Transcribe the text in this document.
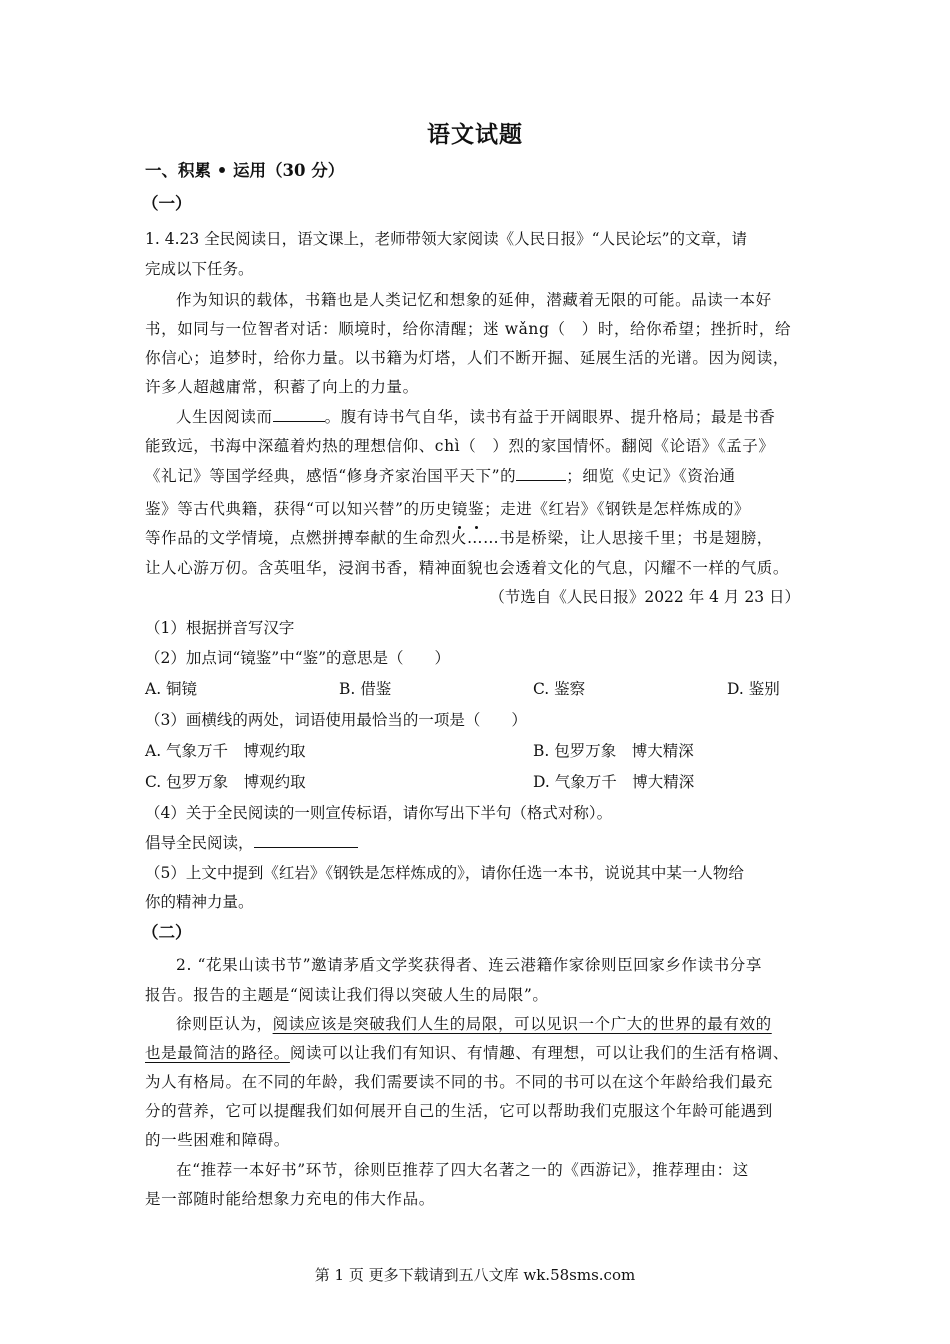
语文试题
一、积累 • 运用（30 分）
（一）
1. 4.23 全民阅读日，语文课上，老师带领大家阅读《人民日报》“人民论坛”的文章，请
完成以下任务。
作为知识的载体，书籍也是人类记忆和想象的延伸，潜藏着无限的可能。品读一本好
书，如同与一位智者对话：顺境时，给你清醒；迷 wǎng（　）时，给你希望；挫折时，给
你信心；追梦时，给你力量。以书籍为灯塔，人们不断开掘、延展生活的光谱。因为阅读，
许多人超越庸常，积蓄了向上的力量。
人生因阅读而	。腹有诗书气自华，读书有益于开阔眼界、提升格局；最是书香
能致远，书海中深蕴着灼热的理想信仰、chì（　）烈的家国情怀。翻阅《论语》《孟子》
《礼记》等国学经典，感悟“修身齐家治国平天下”的	；细览《史记》《资治通
鉴》等古代典籍，获得“可以知兴替”的历史镜鉴；走进《红岩》《钢铁是怎样炼成的》
等作品的文学情境，点燃拼搏奉献的生命烈火……书是桥梁，让人思接千里；书是翅膀，
让人心游万仞。含英咀华，浸润书香，精神面貌也会透着文化的气息，闪耀不一样的气质。
（节选自《人民日报》2022 年 4 月 23 日）
（1）根据拼音写汉字
（2）加点词“镜鉴”中“鉴”的意思是（　　）
A. 铜镜	B. 借鉴	C. 鉴察	D. 鉴别
（3）画横线的两处，词语使用最恰当的一项是（　　）
A. 气象万千　博观约取	B. 包罗万象　博大精深
C. 包罗万象　博观约取	D. 气象万千　博大精深
（4）关于全民阅读的一则宣传标语，请你写出下半句（格式对称）。
倡导全民阅读，
（5）上文中提到《红岩》《钢铁是怎样炼成的》，请你任选一本书，说说其中某一人物给
你的精神力量。
（二）
2. “花果山读书节”邀请茅盾文学奖获得者、连云港籍作家徐则臣回家乡作读书分享
报告。报告的主题是“阅读让我们得以突破人生的局限”。
徐则臣认为，阅读应该是突破我们人生的局限，可以见识一个广大的世界的最有效的
也是最简洁的路径。阅读可以让我们有知识、有情趣、有理想，可以让我们的生活有格调、
为人有格局。在不同的年龄，我们需要读不同的书。不同的书可以在这个年龄给我们最充
分的营养，它可以提醒我们如何展开自己的生活，它可以帮助我们克服这个年龄可能遇到
的一些困难和障碍。
在“推荐一本好书”环节，徐则臣推荐了四大名著之一的《西游记》，推荐理由：这
是一部随时能给想象力充电的伟大作品。
第 1 页 更多下载请到五八文库 wk.58sms.com
